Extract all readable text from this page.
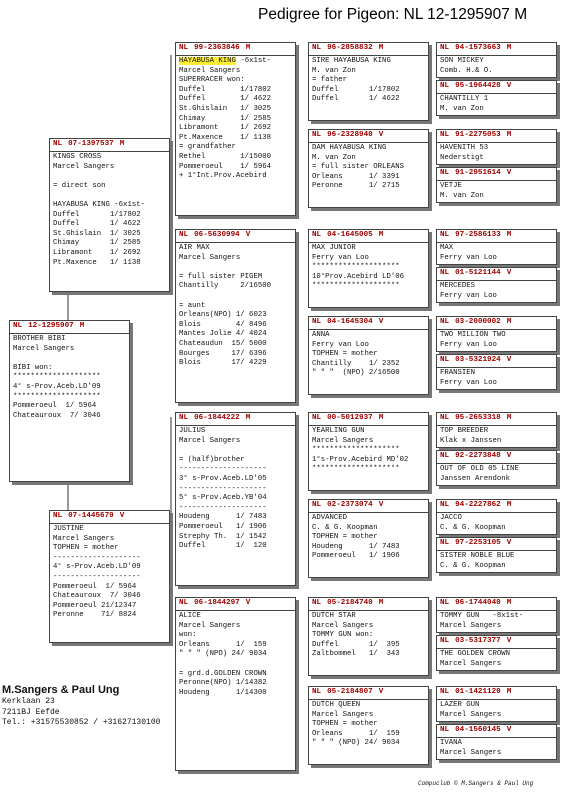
Pedigree for Pigeon: NL 12-1295907 M
NL 12-1295907 M
BROTHER BIBI
Marcel Sangers
BIBI won:
********************
4° s-Prov.Aceb.LD'09
********************
Pommeroeul  1/ 5964
Chateauroux  7/ 3046
NL 07-1397537 M
KINGS CROSS
Marcel Sangers
= direct son
HAYABUSA KING -6x1st-
Duffel       1/17802
Duffel       1/ 4622
St.Ghislain  1/ 3025
Chimay       1/ 2585
Libramont    1/ 2692
Pt.Maxence   1/ 1138
NL 07-1445679 V
JUSTINE
Marcel Sangers
TOPHEN = mother
--------------------
4° s-Prov.Aceb.LD'09
--------------------
Pommeroeul  1/ 5964
Chateauroux  7/ 3046
Pommeroeul 21/12347
Peronne    71/ 8824
NL 99-2363846 M
HAYABUSA KING -6x1st-
Marcel Sangers
SUPERRACER won:
Duffel        1/17802
Duffel        1/ 4622
St.Ghislain   1/ 3025
Chimay        1/ 2585
Libramont     1/ 2692
Pt.Maxence    1/ 1138
= grandfather
Rethel        1/15000
Pommeroeul    1/ 5964
+ 1°Int.Prov.Acebird
NL 06-5630994 V
AIR MAX
Marcel Sangers
= full sister PIGEM
Chantilly     2/16500
= aunt
Orleans(NPO) 1/ 6023
Blois        4/ 8496
Mantes Jolie 4/ 4024
Chateaudun  15/ 5000
Bourges     17/ 6396
Blois       17/ 4229
NL 06-1844222 M
JULIUS
Marcel Sangers
= (half)brother
--------------------
3° s-Prov.Aceb.LD'05
--------------------
5° s-Prov.Aceb.YB'04
--------------------
Houdeng      1/ 7483
Pommeroeul   1/ 1906
Strephy Th.  1/ 1542
Duffel       1/  120
NL 06-1844297 V
ALICE
Marcel Sangers
won:
Orleans      1/  159
" " " (NPO) 24/ 9034
= grd.d.GOLDEN CROWN
Peronne(NPO) 1/14382
Houdeng      1/14300
NL 96-2858832 M
SIRE HAYABUSA KING
M. van Zon
= father
Duffel       1/17802
Duffel       1/ 4622
NL 96-2328940 V
DAM HAYABUSA KING
M. van Zon
= full sister ORLEANS
Orleans      1/ 3391
Peronne      1/ 2715
NL 04-1645005 M
MAX JUNIOR
Ferry van Loo
********************
10°Prov.Acebird LD'06
********************
NL 04-1645304 V
ANNA
Ferry van Loo
TOPHEN = mother
Chantilly    1/ 2352
" " "  (NPO) 2/16500
NL 00-5012937 M
YEARLING GUN
Marcel Sangers
********************
1°s-Prov.Acebird MD'02
********************
NL 02-2373074 V
ADVANCED
C. & G. Koopman
TOPHEN = mother
Houdeng      1/ 7483
Pommeroeul   1/ 1906
NL 05-2184740 M
DUTCH STAR
Marcel Sangers
TOMMY GUN won:
Duffel       1/  395
Zaltbommel   1/  343
NL 05-2184807 V
DUTCH QUEEN
Marcel Sangers
TOPHEN = mother
Orleans      1/  159
" " " (NPO) 24/ 9034
NL 94-1573663 M
SON MICKEY
Comb. H.& O.
NL 95-1964428 V
CHANTILLY 1
M. van Zon
NL 91-2275053 M
HAVENITH 53
Nederstigt
NL 91-2951614 V
VETJE
M. van Zon
NL 97-2586133 M
MAX
Ferry van Loo
NL 01-5121144 V
MERCEDES
Ferry van Loo
NL 03-2000002 M
TWO MILLION TWO
Ferry van Loo
NL 03-5321924 V
FRANSIEN
Ferry van Loo
NL 95-2653318 M
TOP BREEDER
Klak x Janssen
NL 92-2273848 V
OUT OF OLD 05 LINE
Janssen Arendonk
NL 94-2227862 M
JACCO
C. & G. Koopman
NL 97-2253105 V
SISTER NOBLE BLUE
C. & G. Koopman
NL 96-1744040 M
TOMMY GUN   -8x1st-
Marcel Sangers
NL 03-5317377 V
THE GOLDEN CROWN
Marcel Sangers
NL 01-1421120 M
LAZER GUN
Marcel Sangers
NL 04-1560145 V
IVANA
Marcel Sangers
M.Sangers & Paul Ung
Kerklaan 23
7211BJ Eefde
Tel.: +31575530852 / +31627130100
Compuclub © M.Sangers & Paul Ung
